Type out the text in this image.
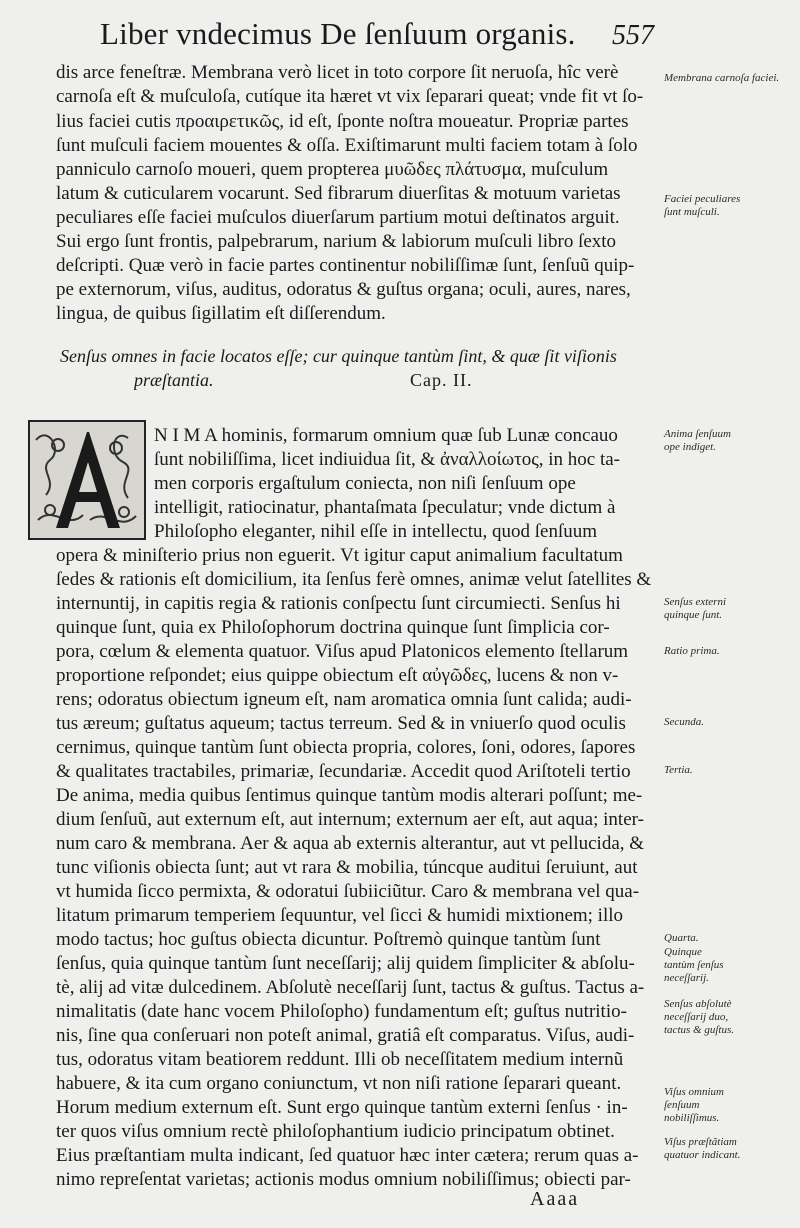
Liber vndecimus De ſenſuum organis. 557
dis arce feneſtræ. Membrana verò licet in toto corpore ſit neruoſa, hîc verè
carnoſa eſt & muſculoſa, cutíque ita hæret vt vix ſeparari queat; vnde fit vt ſo-
lius faciei cutis προαιρετικῶς, id eſt, ſponte noſtra moueatur. Propriæ partes
ſunt muſculi faciem mouentes & oſſa. Exiſtimarunt multi faciem totam à ſolo
panniculo carnoſo moueri, quem propterea μυῶδες πλάτυσμα, muſculum
latum & cuticularem vocarunt. Sed fibrarum diuerſitas & motuum varietas
peculiares eſſe faciei muſculos diuerſarum partium motui deſtinatos arguit.
Sui ergo ſunt frontis, palpebrarum, narium & labiorum muſculi libro ſexto
deſcripti. Quæ verò in facie partes continentur nobiliſſimæ ſunt, ſenſuũ quip-
pe externorum, viſus, auditus, odoratus & guſtus organa; oculi, aures, nares,
lingua, de quibus ſigillatim eſt diſſerendum.
Senſus omnes in facie locatos eſſe; cur quinque tantùm ſint, & quæ ſit viſionis
præſtantia.	Cap. II.
N I M A hominis, formarum omnium quæ ſub Lunæ concauo
ſunt nobiliſſima, licet indiuidua ſit, & ἀναλλοίωτος, in hoc ta-
men corporis ergaſtulum coniecta, non niſi ſenſuum ope
intelligit, ratiocinatur, phantaſmata ſpeculatur; vnde dictum à
Philoſopho eleganter, nihil eſſe in intellectu, quod ſenſuum
opera & miniſterio prius non eguerit. Vt igitur caput animalium facultatum
ſedes & rationis eſt domicilium, ita ſenſus ferè omnes, animæ velut ſatellites &
internuntij, in capitis regia & rationis conſpectu ſunt circumiecti. Senſus hi
quinque ſunt, quia ex Philoſophorum doctrina quinque ſunt ſimplicia cor-
pora, cœlum & elementa quatuor. Viſus apud Platonicos elemento ſtellarum
proportione reſpondet; eius quippe obiectum eſt αὐγῶδες, lucens & non v-
rens; odoratus obiectum igneum eſt, nam aromatica omnia ſunt calida; audi-
tus æreum; guſtatus aqueum; tactus terreum. Sed & in vniuerſo quod oculis
cernimus, quinque tantùm ſunt obiecta propria, colores, ſoni, odores, ſapores
& qualitates tractabiles, primariæ, ſecundariæ. Accedit quod Ariſtoteli tertio
De anima, media quibus ſentimus quinque tantùm modis alterari poſſunt; me-
dium ſenſuũ, aut externum eſt, aut internum; externum aer eſt, aut aqua; inter-
num caro & membrana. Aer & aqua ab externis alterantur, aut vt pellucida, &
tunc viſionis obiecta ſunt; aut vt rara & mobilia, túncque auditui ſeruiunt, aut
vt humida ſicco permixta, & odoratui ſubiiciũtur. Caro & membrana vel qua-
litatum primarum temperiem ſequuntur, vel ſicci & humidi mixtionem; illo
modo tactus; hoc guſtus obiecta dicuntur. Poſtremò quinque tantùm ſunt
ſenſus, quia quinque tantùm ſunt neceſſarij; alij quidem ſimpliciter & abſolu-
tè, alij ad vitæ dulcedinem. Abſolutè neceſſarij ſunt, tactus & guſtus. Tactus a-
nimalitatis (date hanc vocem Philoſopho) fundamentum eſt; guſtus nutritio-
nis, ſine qua conſeruari non poteſt animal, gratiâ eſt comparatus. Viſus, audi-
tus, odoratus vitam beatiorem reddunt. Illi ob neceſſitatem medium internũ
habuere, & ita cum organo coniunctum, vt non niſi ratione ſeparari queant.
Horum medium externum eſt. Sunt ergo quinque tantùm externi ſenſus · in-
ter quos viſus omnium rectè philoſophantium iudicio principatum obtinet.
Eius præſtantiam multa indicant, ſed quatuor hæc inter cætera; rerum quas a-
nimo repreſentat varietas; actionis modus omnium nobiliſſimus; obiecti par-
Membrana carnoſa faciei.
Faciei peculiares ſunt muſculi.
Anima ſenſuum ope indiget.
Senſus externi quinque ſunt.
Ratio prima.
Secunda.
Tertia.
Quarta.
Quinque tantùm ſenſus neceſſarij.
Senſus abſolutè neceſſarij duo, tactus & guſtus.
Viſus omnium ſenſuum nobiliſſimus.
Viſus præſtãtiam quatuor indicant.
Aaaa
